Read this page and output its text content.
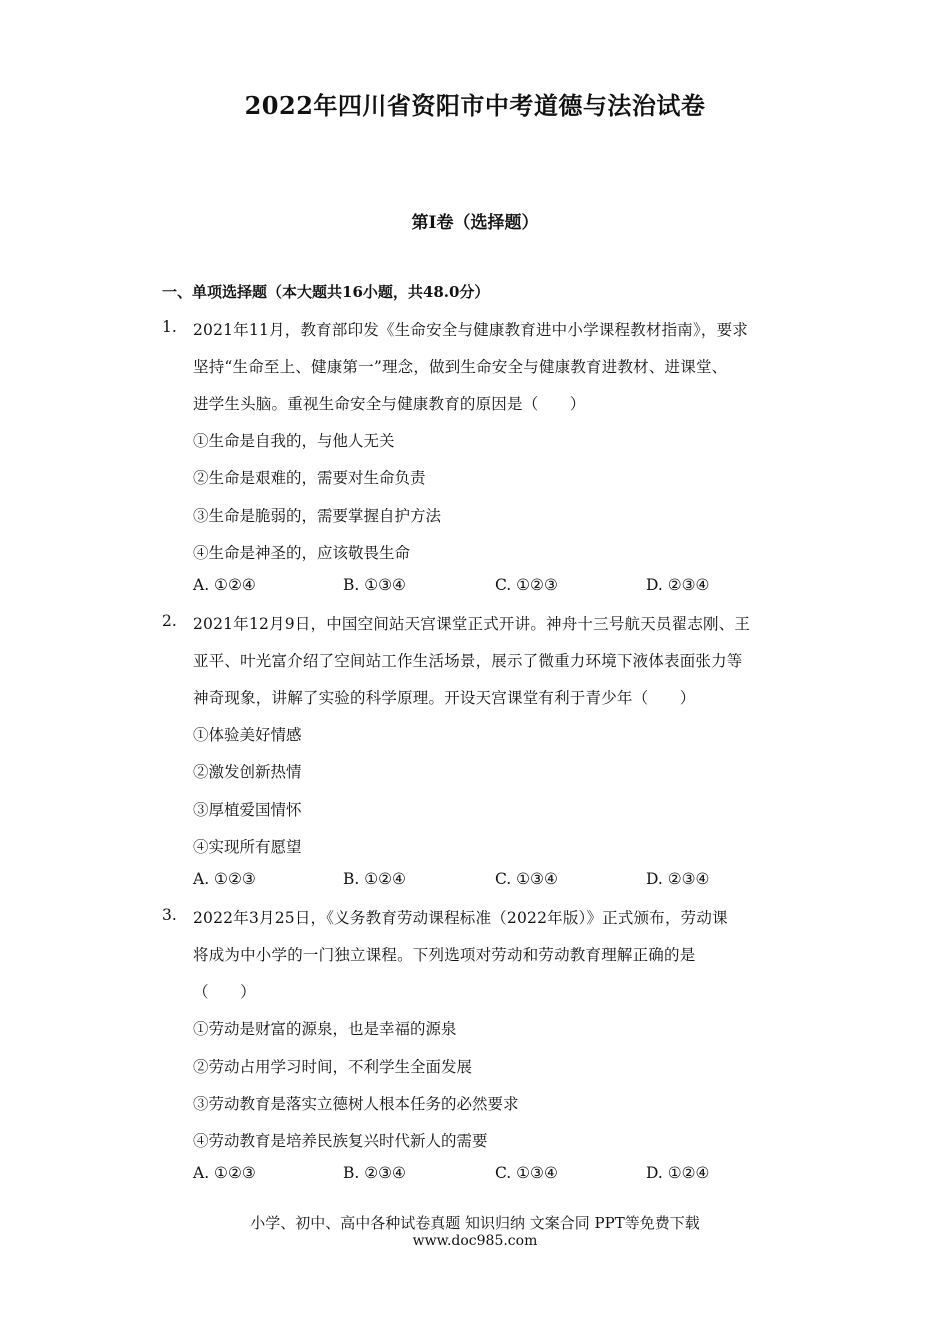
2022年四川省资阳市中考道德与法治试卷
第I卷（选择题）
一、单项选择题（本大题共16小题，共48.0分）
1. 2021年11月，教育部印发《生命安全与健康教育进中小学课程教材指南》，要求
坚持“生命至上、健康第一”理念，做到生命安全与健康教育进教材、进课堂、
进学生头脑。重视生命安全与健康教育的原因是（　　）
①生命是自我的，与他人无关
②生命是艰难的，需要对生命负责
③生命是脆弱的，需要掌握自护方法
④生命是神圣的，应该敬畏生命
A. ①②④	B. ①③④	C. ①②③	D. ②③④
2. 2021年12月9日，中国空间站天宫课堂正式开讲。神舟十三号航天员翟志刚、王
亚平、叶光富介绍了空间站工作生活场景，展示了微重力环境下液体表面张力等
神奇现象，讲解了实验的科学原理。开设天宫课堂有利于青少年（　　）
①体验美好情感
②激发创新热情
③厚植爱国情怀
④实现所有愿望
A. ①②③	B. ①②④	C. ①③④	D. ②③④
3. 2022年3月25日，《义务教育劳动课程标准（2022年版）》正式颁布，劳动课
将成为中小学的一门独立课程。下列选项对劳动和劳动教育理解正确的是
（　　）
①劳动是财富的源泉，也是幸福的源泉
②劳动占用学习时间，不利学生全面发展
③劳动教育是落实立德树人根本任务的必然要求
④劳动教育是培养民族复兴时代新人的需要
A. ①②③	B. ②③④	C. ①③④	D. ①②④
小学、初中、高中各种试卷真题 知识归纳 文案合同 PPT等免费下载
www.doc985.com
